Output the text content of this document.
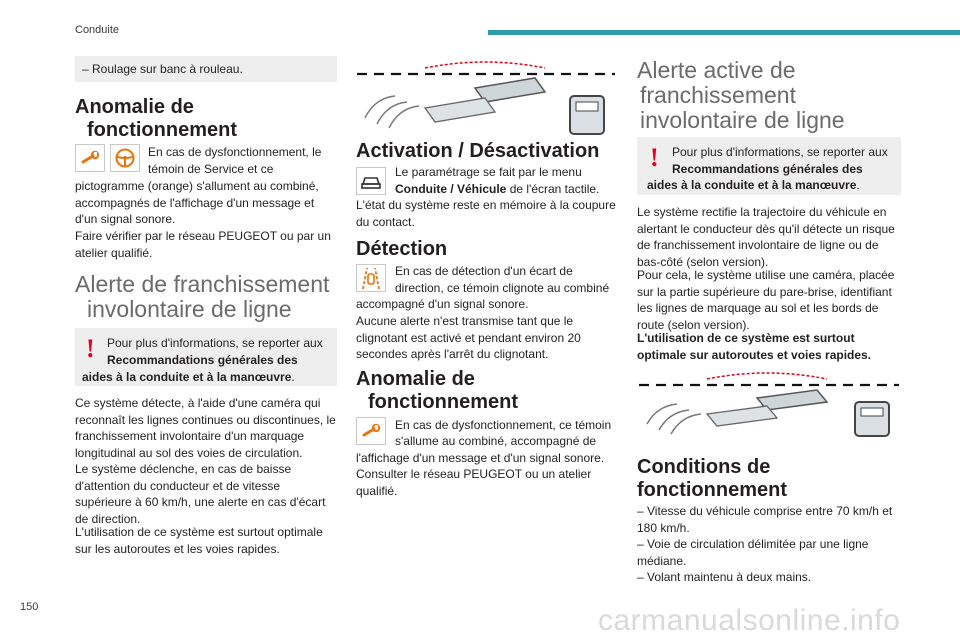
Conduite
150	carmanualsonline.info
– Roulage sur banc à rouleau.
Anomalie de
fonctionnement
En cas de dysfonctionnement, le
témoin de Service et ce
pictogramme (orange) s'allument au combiné, accompagnés de l'affichage d'un message et d'un signal sonore.
Faire vérifier par le réseau PEUGEOT ou par un atelier qualifié.
Alerte de franchissement
involontaire de ligne
! Pour plus d'informations, se reporter aux
Recommandations générales des
aides à la conduite et à la manœuvre.
Ce système détecte, à l'aide d'une caméra qui reconnaît les lignes continues ou discontinues, le franchissement involontaire d'un marquage longitudinal au sol des voies de circulation.
Le système déclenche, en cas de baisse d'attention du conducteur et de vitesse supérieure à 60 km/h, une alerte en cas d'écart de direction.
L'utilisation de ce système est surtout optimale sur les autoroutes et les voies rapides.
Activation / Désactivation
Le paramétrage se fait par le menu
Conduite / Véhicule de l'écran tactile.
L'état du système reste en mémoire à la coupure du contact.
Détection
En cas de détection d'un écart de
direction, ce témoin clignote au combiné
accompagné d'un signal sonore.
Aucune alerte n'est transmise tant que le clignotant est activé et pendant environ 20 secondes après l'arrêt du clignotant.
Anomalie de
fonctionnement
En cas de dysfonctionnement, ce témoin
s'allume au combiné, accompagné de
l'affichage d'un message et d'un signal sonore.
Consulter le réseau PEUGEOT ou un atelier qualifié.
Alerte active de
franchissement
involontaire de ligne
! Pour plus d'informations, se reporter aux
Recommandations générales des
aides à la conduite et à la manœuvre.
Le système rectifie la trajectoire du véhicule en alertant le conducteur dès qu'il détecte un risque de franchissement involontaire de ligne ou de bas-côté (selon version).
Pour cela, le système utilise une caméra, placée sur la partie supérieure du pare-brise, identifiant les lignes de marquage au sol et les bords de route (selon version).
L'utilisation de ce système est surtout optimale sur autoroutes et voies rapides.
Conditions de
fonctionnement
– Vitesse du véhicule comprise entre 70 km/h et 180 km/h.
– Voie de circulation délimitée par une ligne médiane.
– Volant maintenu à deux mains.
